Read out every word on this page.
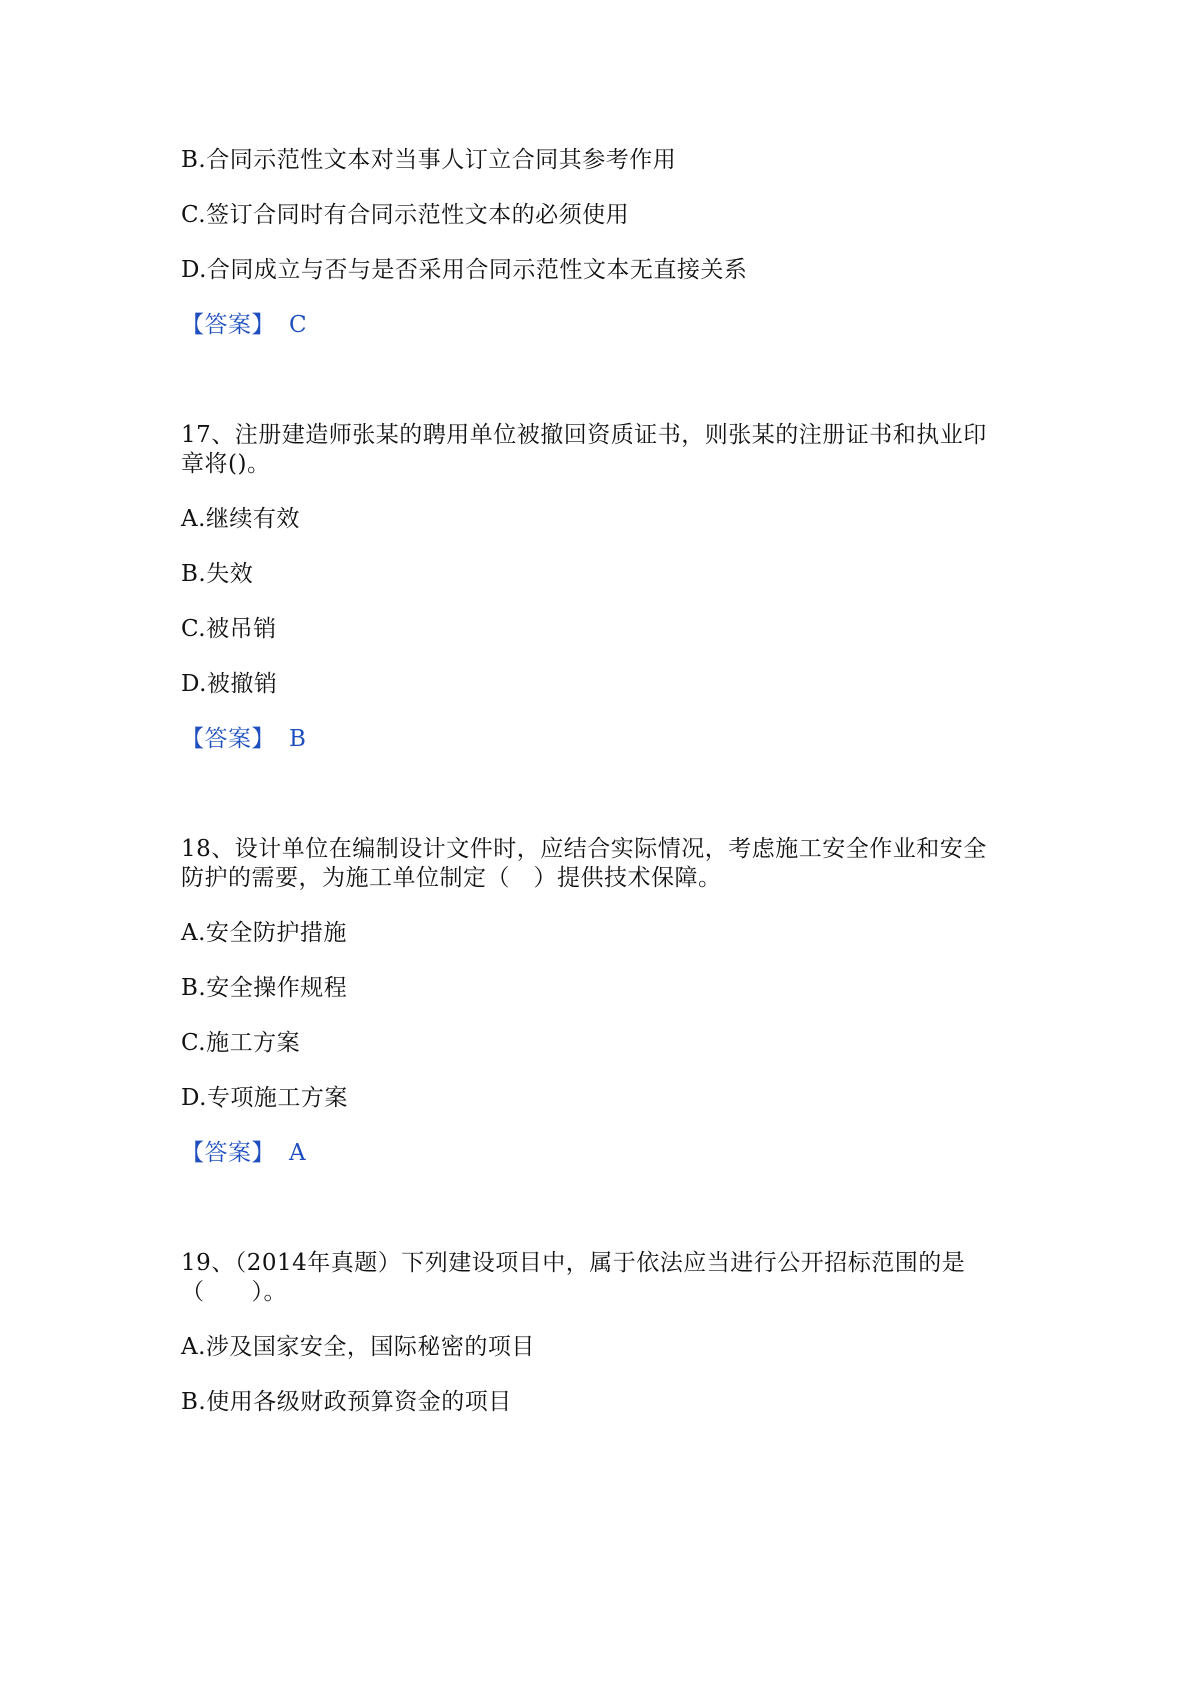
B.合同示范性文本对当事人订立合同其参考作用
C.签订合同时有合同示范性文本的必须使用
D.合同成立与否与是否采用合同示范性文本无直接关系
【答案】 C
17、注册建造师张某的聘用单位被撤回资质证书，则张某的注册证书和执业印
章将()。
A.继续有效
B.失效
C.被吊销
D.被撤销
【答案】 B
18、设计单位在编制设计文件时，应结合实际情况，考虑施工安全作业和安全
防护的需要，为施工单位制定（　）提供技术保障。
A.安全防护措施
B.安全操作规程
C.施工方案
D.专项施工方案
【答案】 A
19、（2014年真题）下列建设项目中，属于依法应当进行公开招标范围的是
（　　）。
A.涉及国家安全，国际秘密的项目
B.使用各级财政预算资金的项目
